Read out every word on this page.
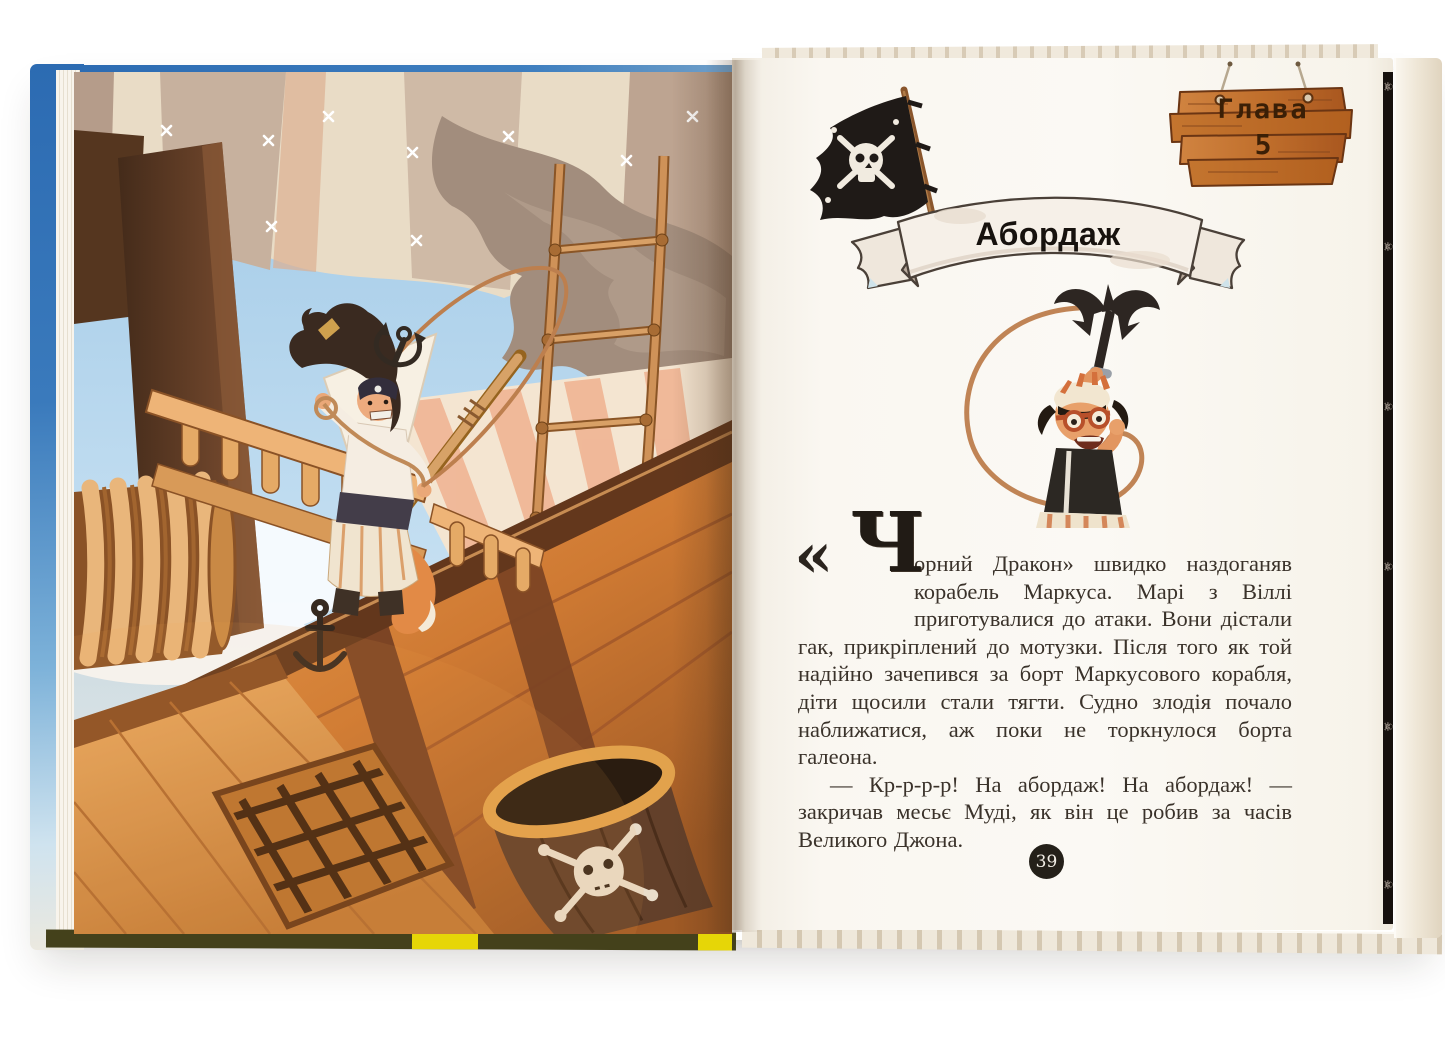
☠
☠
☠
☠
☠
☠
Глава
5
Абордаж

« Ч
орний Дракон» швидко наздоганяв корабель Маркуса. Марі з Віллі приготувалися до атаки. Вони дістали гак, прикріплений до мотузки. Після того як той надійно зачепився за борт Маркусового корабля, діти щосили стали тягти. Судно злодія почало наближатися, аж поки не торкнулося борта галеона.

— Кр-р-р-р! На абордаж! На абордаж! — закричав месьє Муді, як він це робив за часів Великого Джона.

39
